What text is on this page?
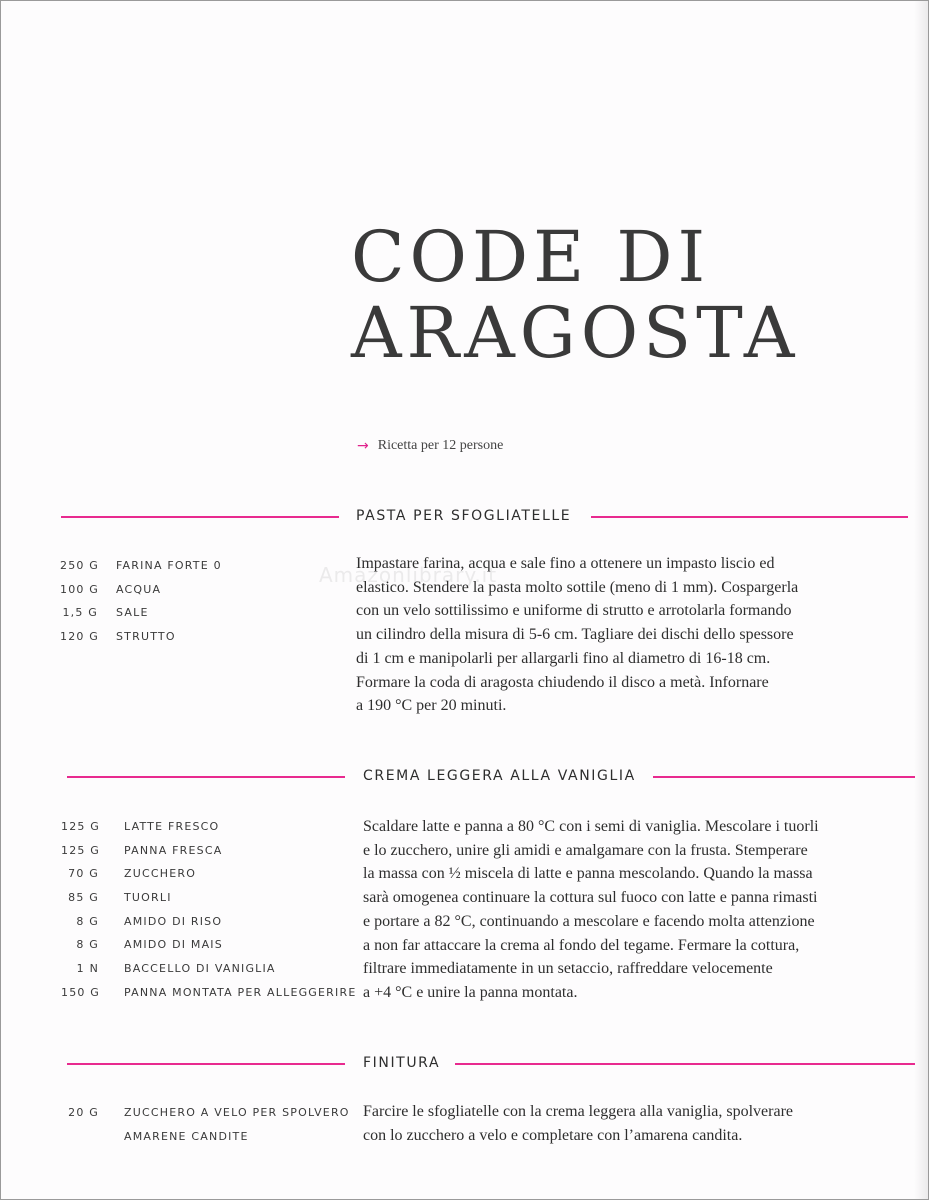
Amazonlibrary.it
CODE DI
ARAGOSTA
→ Ricetta per 12 persone
PASTA PER SFOGLIATELLE
250 G FARINA FORTE 0
100 G ACQUA
1,5 G SALE
120 G STRUTTO
Impastare farina, acqua e sale fino a ottenere un impasto liscio ed
elastico. Stendere la pasta molto sottile (meno di 1 mm). Cospargerla
con un velo sottilissimo e uniforme di strutto e arrotolarla formando
un cilindro della misura di 5-6 cm. Tagliare dei dischi dello spessore
di 1 cm e manipolarli per allargarli fino al diametro di 16-18 cm.
Formare la coda di aragosta chiudendo il disco a metà. Infornare
a 190 °C per 20 minuti.
CREMA LEGGERA ALLA VANIGLIA
125 G LATTE FRESCO
125 G PANNA FRESCA
70 G ZUCCHERO
85 G TUORLI
8 G AMIDO DI RISO
8 G AMIDO DI MAIS
1 N BACCELLO DI VANIGLIA
150 G PANNA MONTATA PER ALLEGGERIRE
Scaldare latte e panna a 80 °C con i semi di vaniglia. Mescolare i tuorli
e lo zucchero, unire gli amidi e amalgamare con la frusta. Stemperare
la massa con ½ miscela di latte e panna mescolando. Quando la massa
sarà omogenea continuare la cottura sul fuoco con latte e panna rimasti
e portare a 82 °C, continuando a mescolare e facendo molta attenzione
a non far attaccare la crema al fondo del tegame. Fermare la cottura,
filtrare immediatamente in un setaccio, raffreddare velocemente
a +4 °C e unire la panna montata.
FINITURA
20 G ZUCCHERO A VELO PER SPOLVERO
AMARENE CANDITE
Farcire le sfogliatelle con la crema leggera alla vaniglia, spolverare
con lo zucchero a velo e completare con l’amarena candita.
